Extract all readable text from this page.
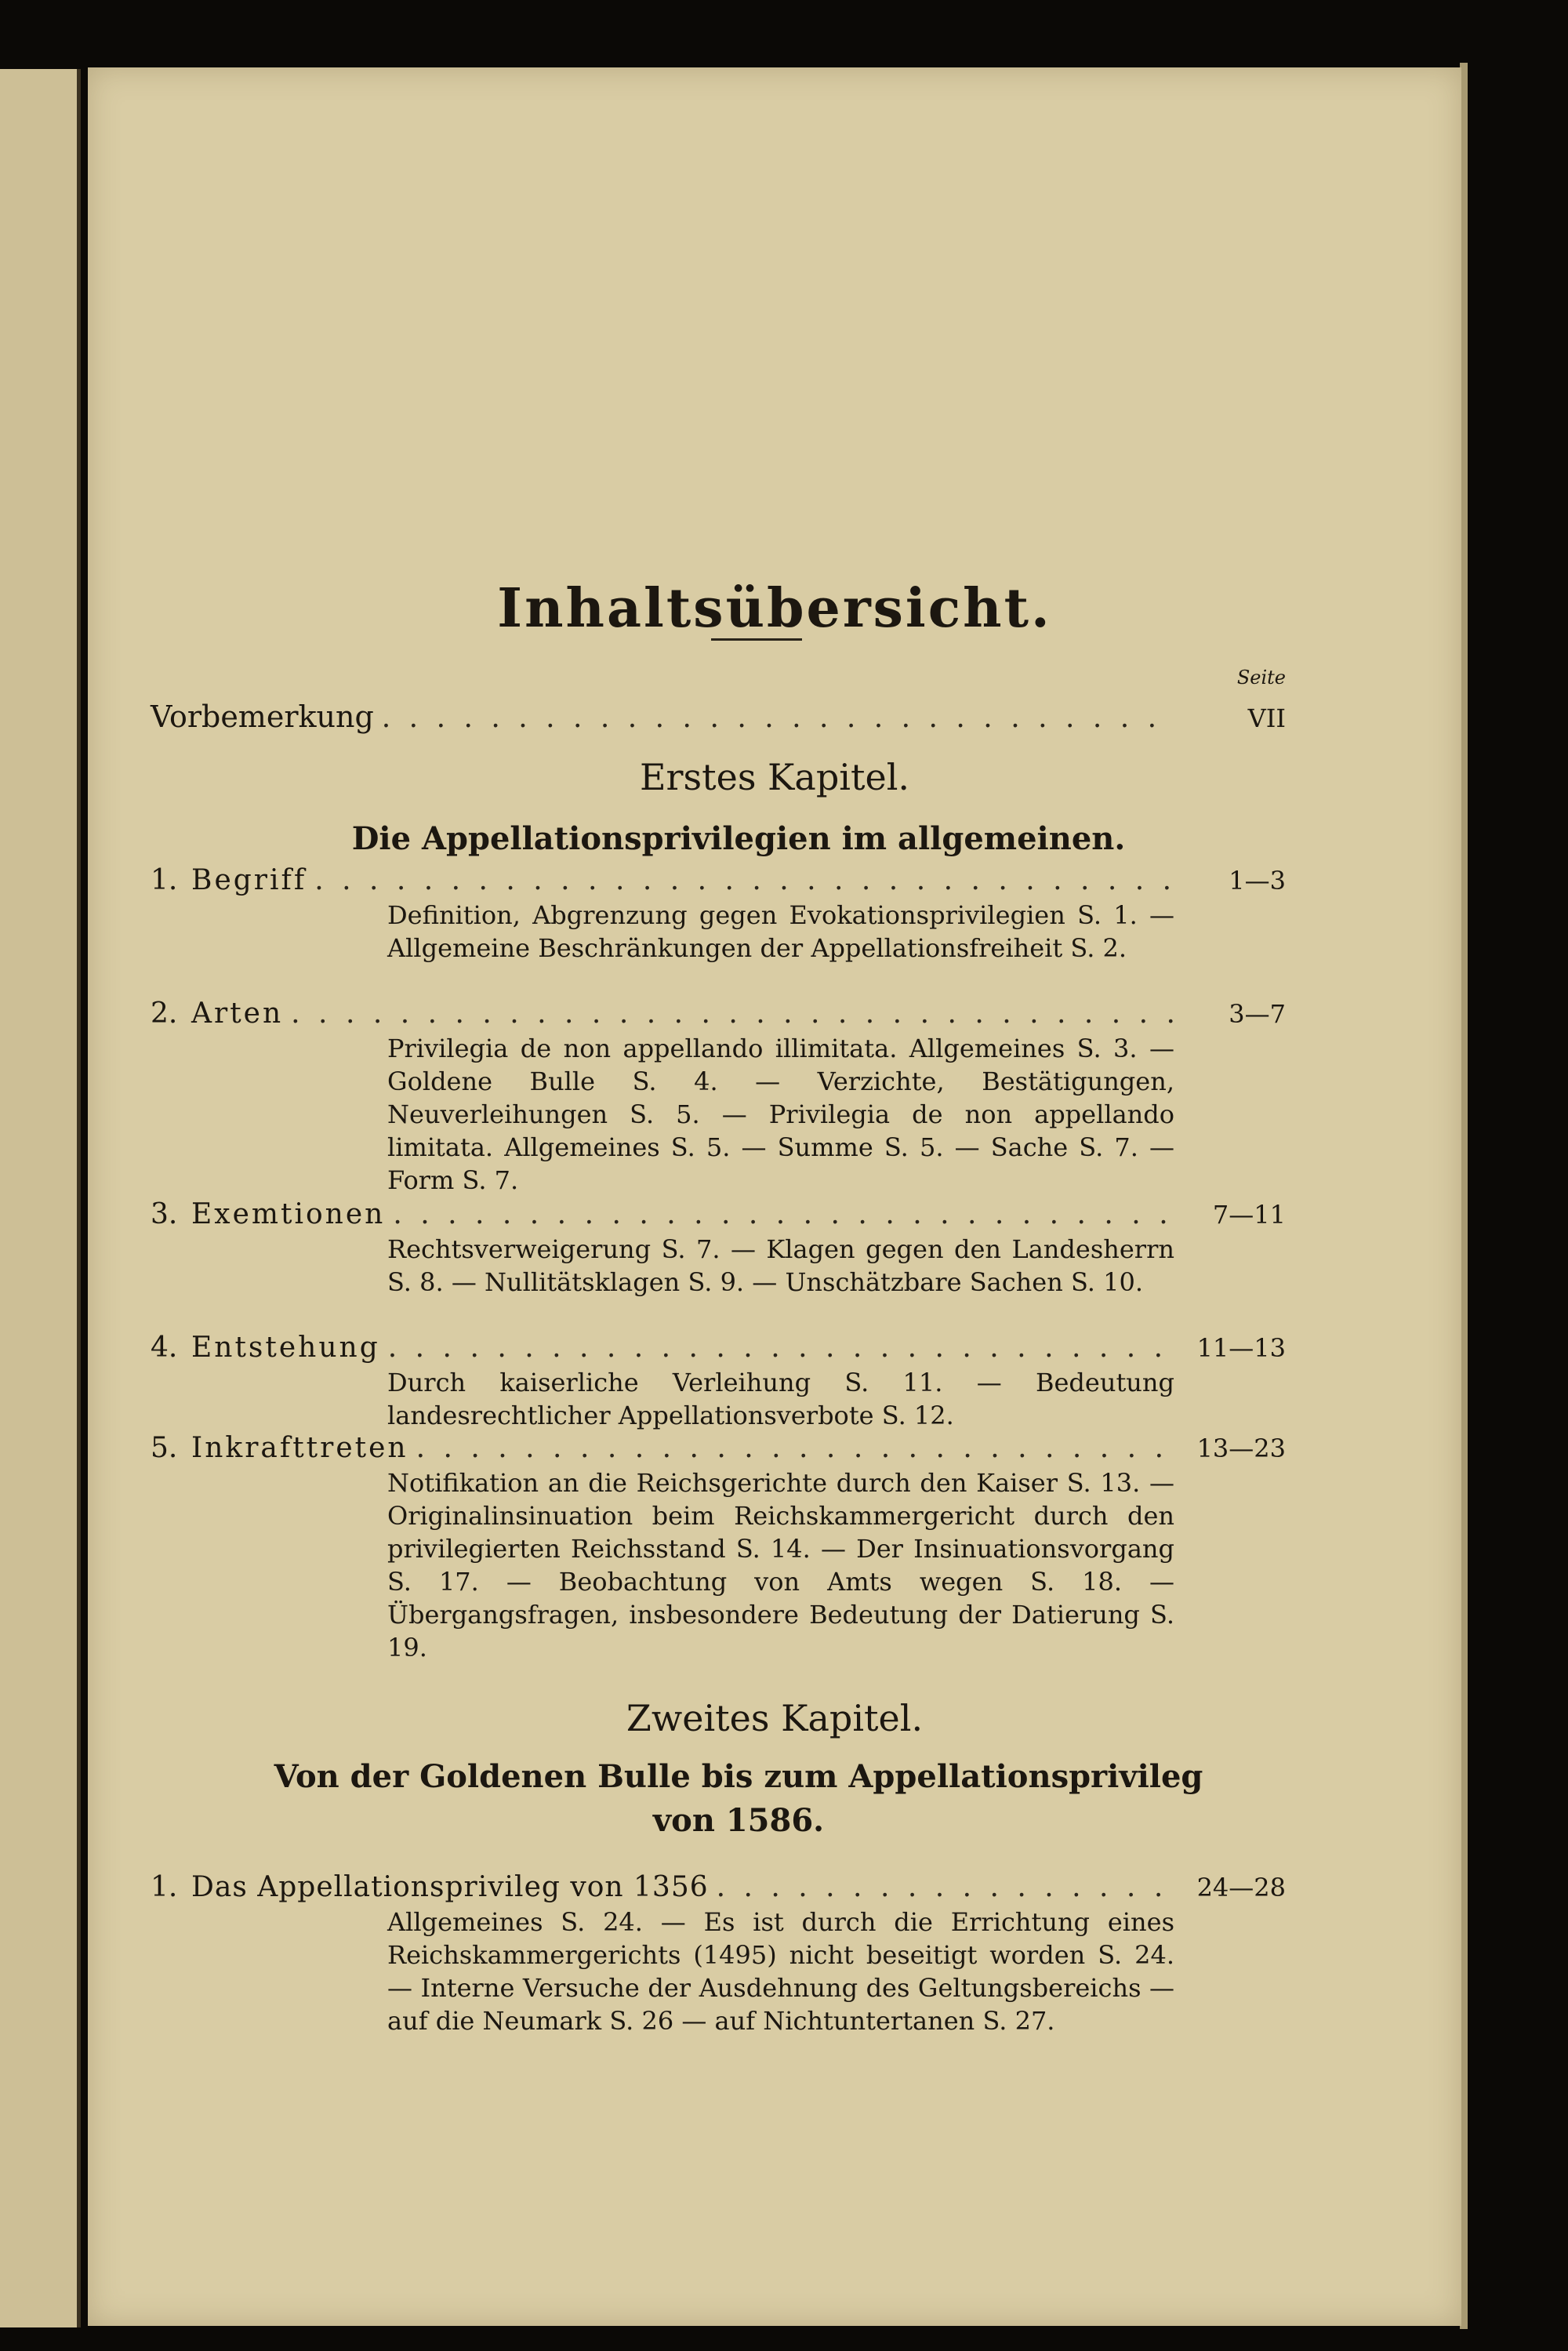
Inhaltsübersicht.
Seite
Vorbemerkung . . .	VII
Erstes Kapitel.
Die Appellationsprivilegien im allgemeinen.
1. Begriff . . .	1—3
Definition, Abgrenzung gegen Evokationsprivilegien S. 1. — Allgemeine Beschränkungen der Appellationsfreiheit S. 2.
2. Arten . . .	3—7
Privilegia de non appellando illimitata. Allgemeines S. 3. — Goldene Bulle S. 4. — Verzichte, Bestätigungen, Neuverleihungen S. 5. — Privilegia de non appellando limitata. Allgemeines S. 5. — Summe S. 5. — Sache S. 7. — Form S. 7.
3. Exemtionen . . .	7—11
Rechtsverweigerung S. 7. — Klagen gegen den Landesherrn S. 8. — Nullitätsklagen S. 9. — Unschätzbare Sachen S. 10.
4. Entstehung . . .	11—13
Durch kaiserliche Verleihung S. 11. — Bedeutung landesrechtlicher Appellationsverbote S. 12.
5. Inkrafttreten . . .	13—23
Notifikation an die Reichsgerichte durch den Kaiser S. 13. — Originalinsinuation beim Reichskammergericht durch den privilegierten Reichsstand S. 14. — Der Insinuationsvorgang S. 17. — Beobachtung von Amts wegen S. 18. — Übergangsfragen, insbesondere Bedeutung der Datierung S. 19.
Zweites Kapitel.
Von der Goldenen Bulle bis zum Appellationsprivileg
von 1586.
1. Das Appellationsprivileg von 1356 . . .	24—28
Allgemeines S. 24. — Es ist durch die Errichtung eines Reichskammergerichts (1495) nicht beseitigt worden S. 24. — Interne Versuche der Ausdehnung des Geltungsbereichs — auf die Neumark S. 26 — auf Nichtuntertanen S. 27.
